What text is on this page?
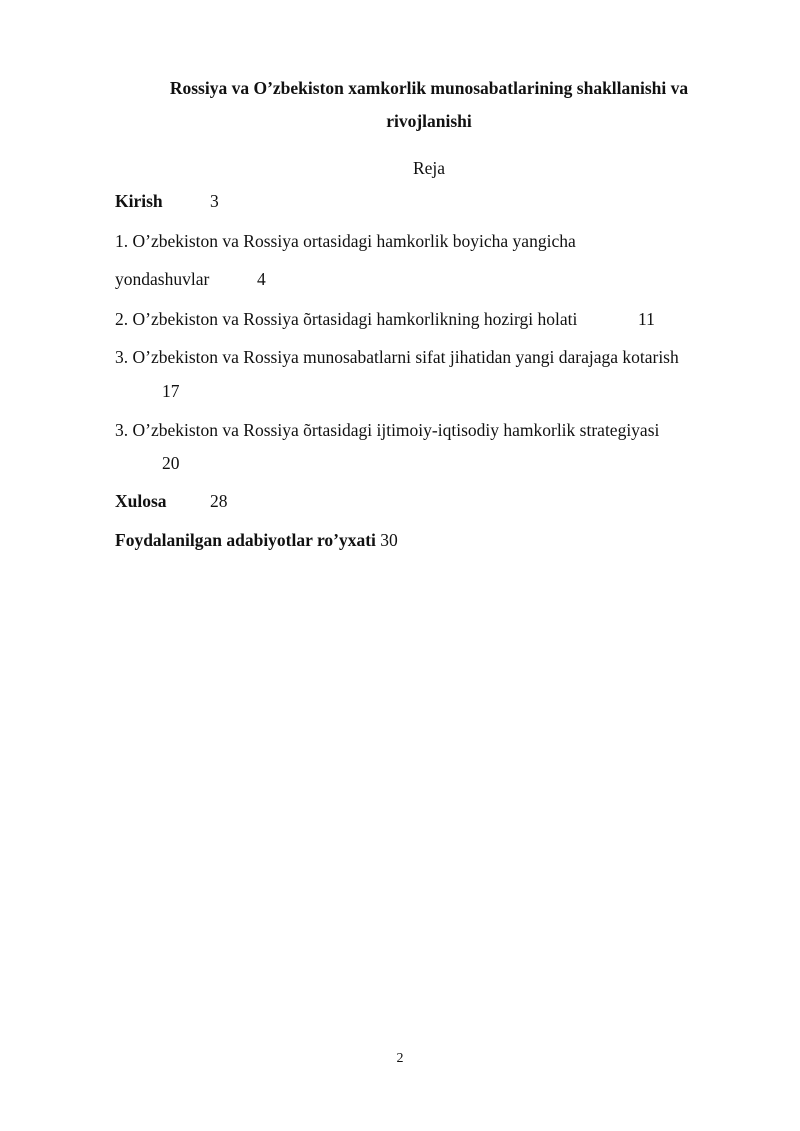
Rossiya va O’zbekiston xamkorlik munosabatlarining shakllanishi va
rivojlanishi
Reja
Kirish	3
1. O’zbekiston va Rossiya ortasidagi hamkorlik boyicha yangicha
yondashuvlar	4
2. O’zbekiston va Rossiya õrtasidagi hamkorlikning hozirgi holati	11
3. O’zbekiston va Rossiya munosabatlarni sifat jihatidan yangi darajaga kotarish
17
3. O’zbekiston va Rossiya õrtasidagi ijtimoiy-iqtisodiy hamkorlik strategiyasi
20
Xulosa 28
Foydalanilgan adabiyotlar ro’yxati 30
2
